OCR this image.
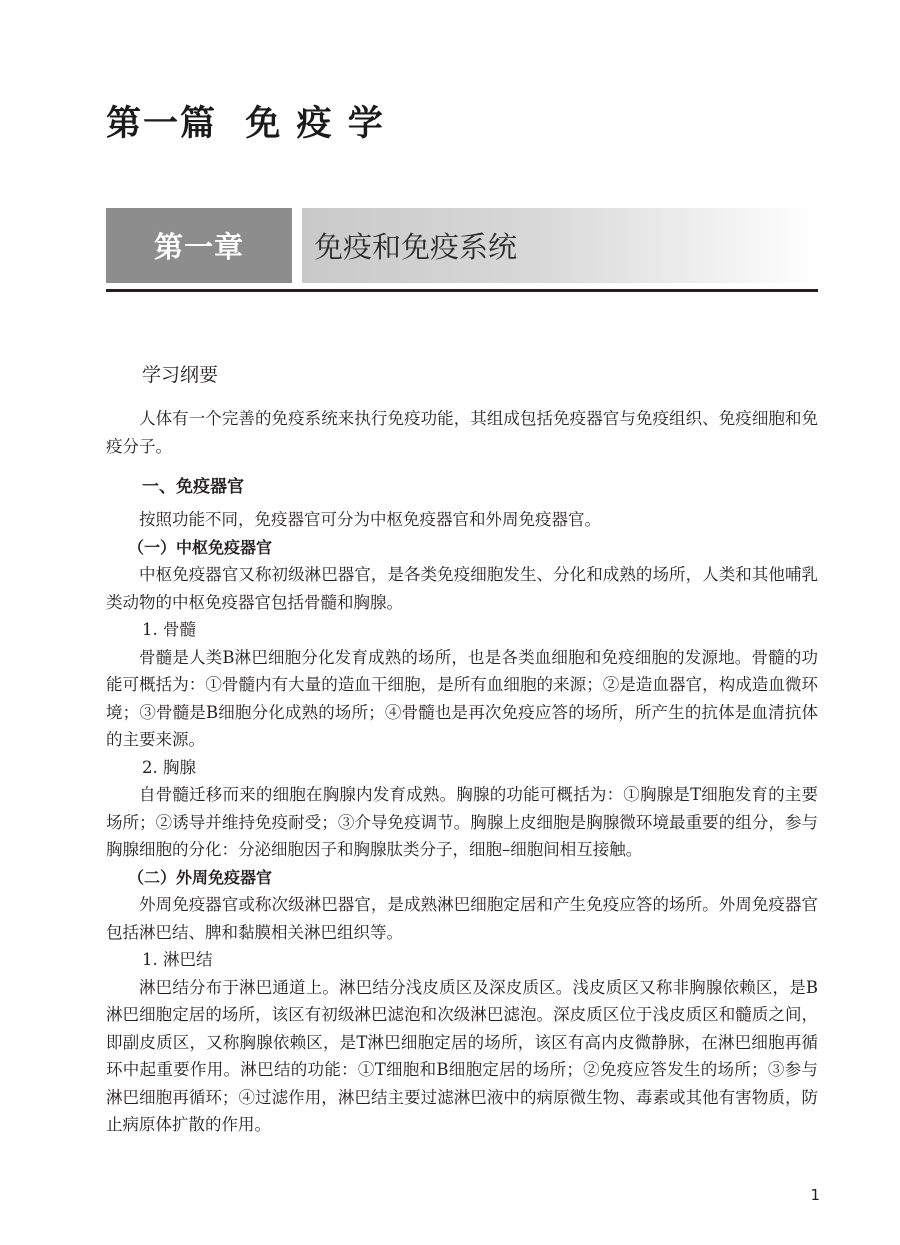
第一篇  免 疫 学
第一章 免疫和免疫系统
学习纲要

人体有一个完善的免疫系统来执行免疫功能，其组成包括免疫器官与免疫组织、免疫细胞和免疫分子。

一、免疫器官

按照功能不同，免疫器官可分为中枢免疫器官和外周免疫器官。

（一）中枢免疫器官

中枢免疫器官又称初级淋巴器官，是各类免疫细胞发生、分化和成熟的场所，人类和其他哺乳类动物的中枢免疫器官包括骨髓和胸腺。

1. 骨髓

骨髓是人类B淋巴细胞分化发育成熟的场所，也是各类血细胞和免疫细胞的发源地。骨髓的功能可概括为：①骨髓内有大量的造血干细胞，是所有血细胞的来源；②是造血器官，构成造血微环境；③骨髓是B细胞分化成熟的场所；④骨髓也是再次免疫应答的场所，所产生的抗体是血清抗体的主要来源。

2. 胸腺

自骨髓迁移而来的细胞在胸腺内发育成熟。胸腺的功能可概括为：①胸腺是T细胞发育的主要场所；②诱导并维持免疫耐受；③介导免疫调节。胸腺上皮细胞是胸腺微环境最重要的组分，参与胸腺细胞的分化：分泌细胞因子和胸腺肽类分子，细胞–细胞间相互接触。

（二）外周免疫器官

外周免疫器官或称次级淋巴器官，是成熟淋巴细胞定居和产生免疫应答的场所。外周免疫器官包括淋巴结、脾和黏膜相关淋巴组织等。

1. 淋巴结

淋巴结分布于淋巴通道上。淋巴结分浅皮质区及深皮质区。浅皮质区又称非胸腺依赖区，是B淋巴细胞定居的场所，该区有初级淋巴滤泡和次级淋巴滤泡。深皮质区位于浅皮质区和髓质之间，即副皮质区，又称胸腺依赖区，是T淋巴细胞定居的场所，该区有高内皮微静脉，在淋巴细胞再循环中起重要作用。淋巴结的功能：①T细胞和B细胞定居的场所；②免疫应答发生的场所；③参与淋巴细胞再循环；④过滤作用，淋巴结主要过滤淋巴液中的病原微生物、毒素或其他有害物质，防止病原体扩散的作用。

1
